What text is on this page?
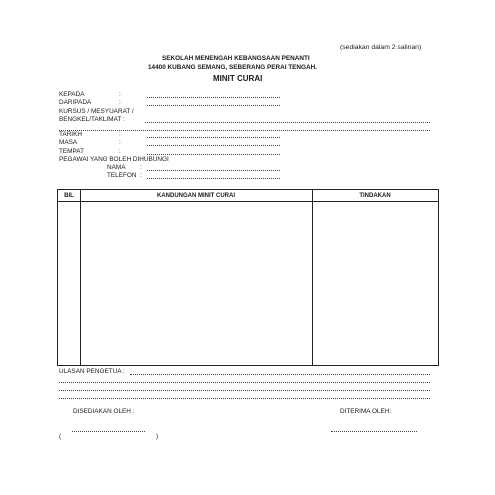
(sediakan dalam 2 salinan)
SEKOLAH MENENGAH KEBANGSAAN PENANTI
14400 KUBANG SEMANG, SEBERANG PERAI TENGAH.
MINIT CURAI
KEPADA	:
DARIPADA	:
KURSUS / MESYUARAT /
BENGKEL/TAKLIMAT :
TARIKH	:
MASA	:
TEMPAT	:
PEGAWAI YANG BOLEH DIHUBUNGI
NAMA :
TELEFON :
BIL	KANDUNGAN MINIT CURAI	TINDAKAN
ULASAN PENGETUA :
DISEDIAKAN OLEH :	DITERIMA OLEH:
(	)
